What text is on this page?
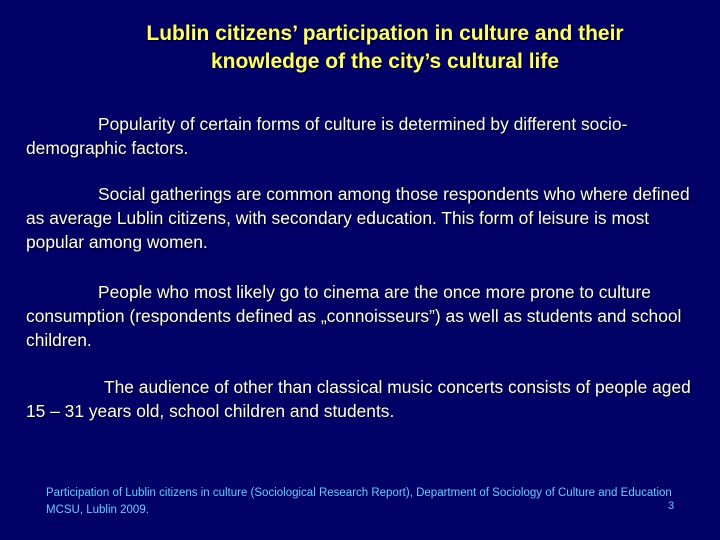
Lublin citizens’ participation in culture and their
knowledge of the city’s cultural life
Popularity of certain forms of culture is determined by different socio-demographic factors.
Social gatherings are common among those respondents who where defined as average Lublin citizens, with secondary education. This form of leisure is most popular among women.
People who most likely go to cinema are the once more prone to culture consumption (respondents defined as „connoisseurs”) as well as students and school children.
The audience of other than classical music concerts consists of people aged 15 – 31 years old, school children and students.
Participation of Lublin citizens in culture (Sociological Research Report), Department of Sociology of Culture and Education MCSU, Lublin 2009.	3
